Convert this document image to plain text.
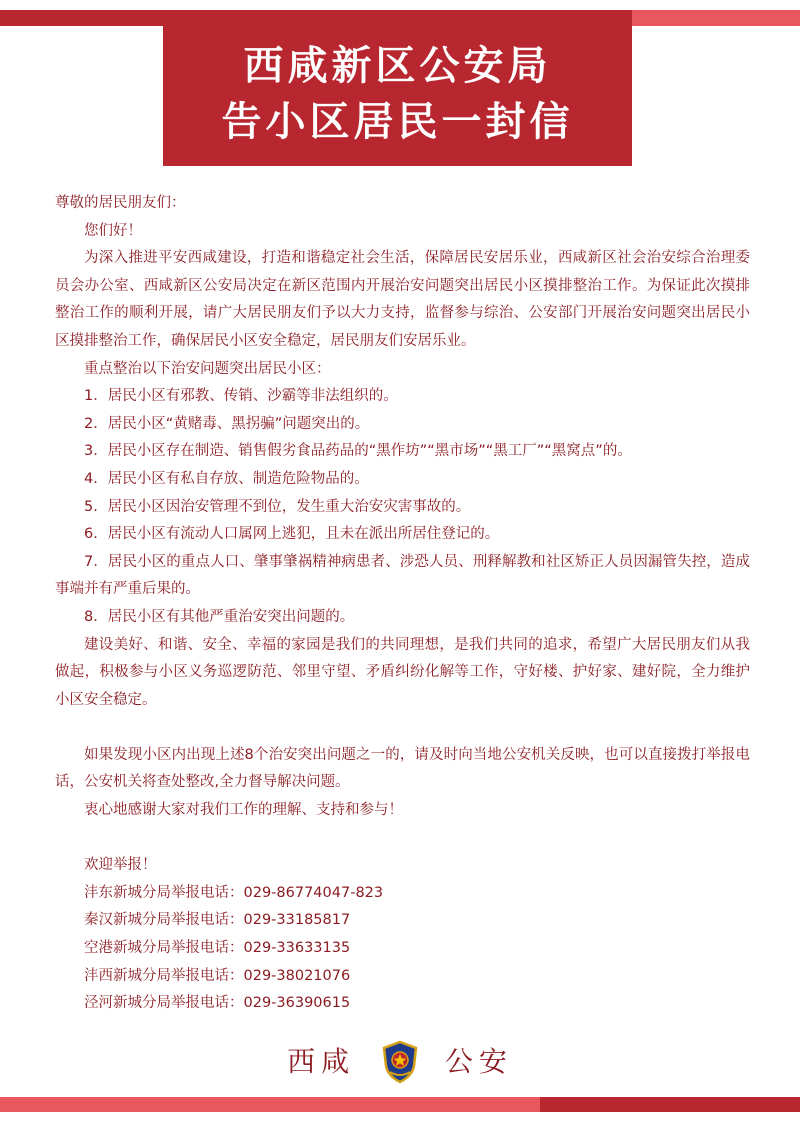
西咸新区公安局
告小区居民一封信

尊敬的居民朋友们：

您们好！

为深入推进平安西咸建设，打造和谐稳定社会生活，保障居民安居乐业，西咸新区社会治安综合治理委员会办公室、西咸新区公安局决定在新区范围内开展治安问题突出居民小区摸排整治工作。为保证此次摸排整治工作的顺利开展，请广大居民朋友们予以大力支持，监督参与综治、公安部门开展治安问题突出居民小区摸排整治工作，确保居民小区安全稳定，居民朋友们安居乐业。

重点整治以下治安问题突出居民小区：

1．居民小区有邪教、传销、沙霸等非法组织的。

2．居民小区“黄赌毒、黑拐骗”问题突出的。

3．居民小区存在制造、销售假劣食品药品的“黑作坊”“黑市场”“黑工厂”“黑窝点”的。

4．居民小区有私自存放、制造危险物品的。

5．居民小区因治安管理不到位，发生重大治安灾害事故的。

6．居民小区有流动人口属网上逃犯，且未在派出所居住登记的。

7．居民小区的重点人口、肇事肇祸精神病患者、涉恐人员、刑释解教和社区矫正人员因漏管失控，造成事端并有严重后果的。

8．居民小区有其他严重治安突出问题的。

建设美好、和谐、安全、幸福的家园是我们的共同理想，是我们共同的追求，希望广大居民朋友们从我做起，积极参与小区义务巡逻防范、邻里守望、矛盾纠纷化解等工作，守好楼、护好家、建好院，全力维护小区安全稳定。

如果发现小区内出现上述8个治安突出问题之一的，请及时向当地公安机关反映，也可以直接拨打举报电话，公安机关将查处整改,全力督导解决问题。

衷心地感谢大家对我们工作的理解、支持和参与！

欢迎举报！

沣东新城分局举报电话：029-86774047-823

秦汉新城分局举报电话：029-33185817

空港新城分局举报电话：029-33633135

沣西新城分局举报电话：029-38021076

泾河新城分局举报电话：029-36390615

西咸	公安
